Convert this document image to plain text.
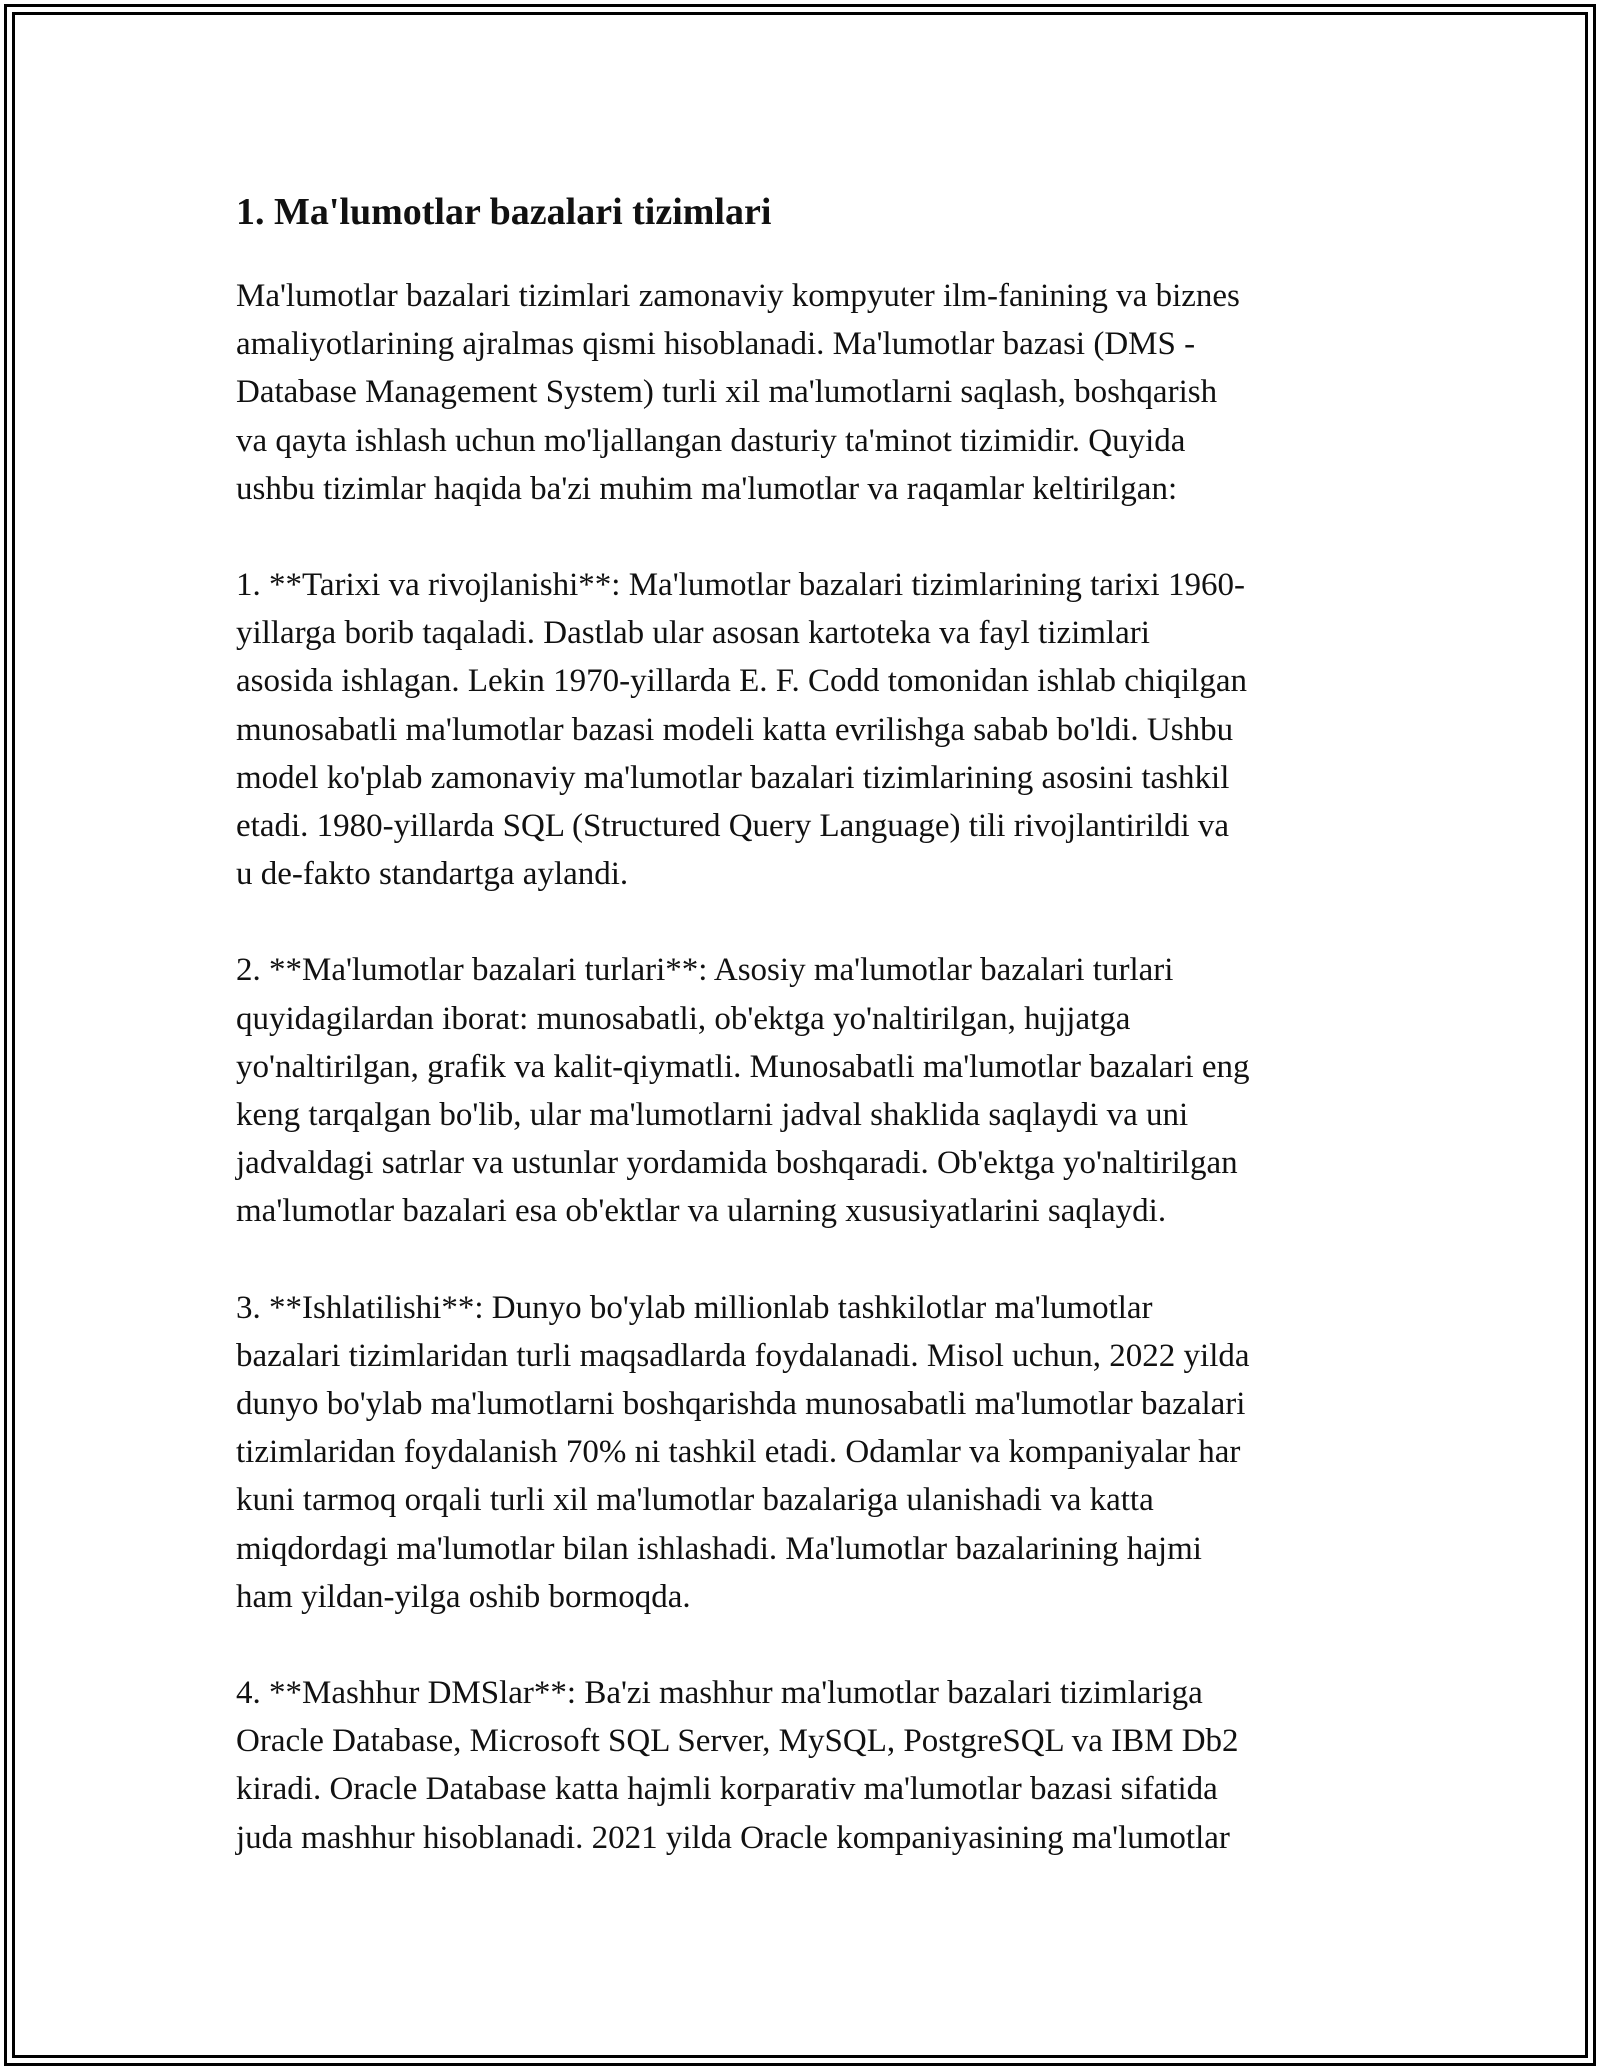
1. Ma'lumotlar bazalari tizimlari

Ma'lumotlar bazalari tizimlari zamonaviy kompyuter ilm-fanining va biznes
amaliyotlarining ajralmas qismi hisoblanadi. Ma'lumotlar bazasi (DMS -
Database Management System) turli xil ma'lumotlarni saqlash, boshqarish
va qayta ishlash uchun mo'ljallangan dasturiy ta'minot tizimidir. Quyida
ushbu tizimlar haqida ba'zi muhim ma'lumotlar va raqamlar keltirilgan:

1. **Tarixi va rivojlanishi**: Ma'lumotlar bazalari tizimlarining tarixi 1960-
yillarga borib taqaladi. Dastlab ular asosan kartoteka va fayl tizimlari
asosida ishlagan. Lekin 1970-yillarda E. F. Codd tomonidan ishlab chiqilgan
munosabatli ma'lumotlar bazasi modeli katta evrilishga sabab bo'ldi. Ushbu
model ko'plab zamonaviy ma'lumotlar bazalari tizimlarining asosini tashkil
etadi. 1980-yillarda SQL (Structured Query Language) tili rivojlantirildi va
u de-fakto standartga aylandi.

2. **Ma'lumotlar bazalari turlari**: Asosiy ma'lumotlar bazalari turlari
quyidagilardan iborat: munosabatli, ob'ektga yo'naltirilgan, hujjatga
yo'naltirilgan, grafik va kalit-qiymatli. Munosabatli ma'lumotlar bazalari eng
keng tarqalgan bo'lib, ular ma'lumotlarni jadval shaklida saqlaydi va uni
jadvaldagi satrlar va ustunlar yordamida boshqaradi. Ob'ektga yo'naltirilgan
ma'lumotlar bazalari esa ob'ektlar va ularning xususiyatlarini saqlaydi.

3. **Ishlatilishi**: Dunyo bo'ylab millionlab tashkilotlar ma'lumotlar
bazalari tizimlaridan turli maqsadlarda foydalanadi. Misol uchun, 2022 yilda
dunyo bo'ylab ma'lumotlarni boshqarishda munosabatli ma'lumotlar bazalari
tizimlaridan foydalanish 70% ni tashkil etadi. Odamlar va kompaniyalar har
kuni tarmoq orqali turli xil ma'lumotlar bazalariga ulanishadi va katta
miqdordagi ma'lumotlar bilan ishlashadi. Ma'lumotlar bazalarining hajmi
ham yildan-yilga oshib bormoqda.

4. **Mashhur DMSlar**: Ba'zi mashhur ma'lumotlar bazalari tizimlariga
Oracle Database, Microsoft SQL Server, MySQL, PostgreSQL va IBM Db2
kiradi. Oracle Database katta hajmli korparativ ma'lumotlar bazasi sifatida
juda mashhur hisoblanadi. 2021 yilda Oracle kompaniyasining ma'lumotlar
